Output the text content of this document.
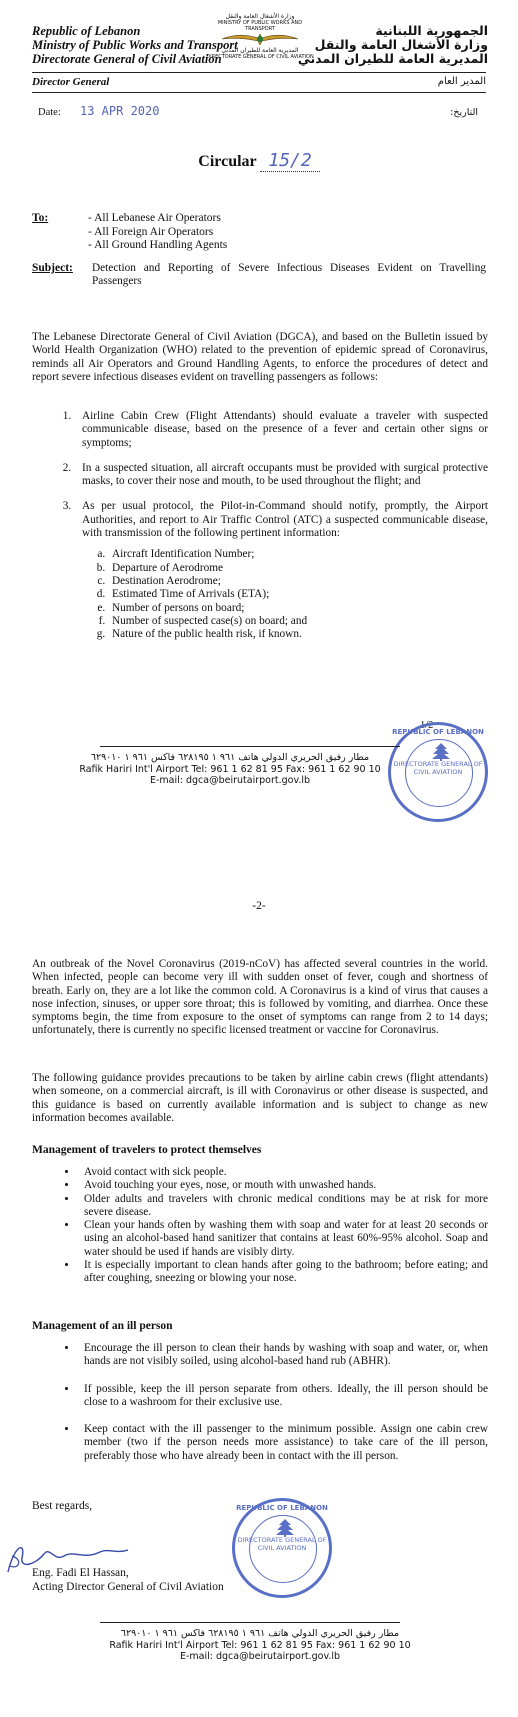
Republic of Lebanon
Ministry of Public Works and Transport
Directorate General of Civil Aviation
وزارة الأشغال العامة والنقل
MINISTRY OF PUBLIC WORKS AND TRANSPORT
المديرية العامة للطيران المدني
DIRECTORATE GENERAL OF CIVIL AVIATION
الجمهورية اللبنانية
وزارة الأشغال العامة والنقل
المديرية العامة للطيران المدني
Director General	المدير العام
Date: 13 APR 2020	التاريخ:
Circular 15/2
To:	- All Lebanese Air Operators
- All Foreign Air Operators
- All Ground Handling Agents
Subject: Detection and Reporting of Severe Infectious Diseases Evident on Travelling Passengers
The Lebanese Directorate General of Civil Aviation (DGCA), and based on the Bulletin issued by World Health Organization (WHO) related to the prevention of epidemic spread of Coronavirus, reminds all Air Operators and Ground Handling Agents, to enforce the procedures of detect and report severe infectious diseases evident on travelling passengers as follows:
1. Airline Cabin Crew (Flight Attendants) should evaluate a traveler with suspected communicable disease, based on the presence of a fever and certain other signs or symptoms;
2. In a suspected situation, all aircraft occupants must be provided with surgical protective masks, to cover their nose and mouth, to be used throughout the flight; and
3. As per usual protocol, the Pilot-in-Command should notify, promptly, the Airport Authorities, and report to Air Traffic Control (ATC) a suspected communicable disease, with transmission of the following pertinent information:
a. Aircraft Identification Number;
b. Departure of Aerodrome
c. Destination Aerodrome;
d. Estimated Time of Arrivals (ETA);
e. Number of persons on board;
f. Number of suspected case(s) on board; and
g. Nature of the public health risk, if known.
1/2
REPUBLIC OF LEBANON
DIRECTORATE GENERAL OF CIVIL AVIATION
مطار رفيق الحريري الدولي هاتف ٩٦١ ١ ٦٢٨١٩٥ فاكس ٩٦١ ١ ٦٢٩٠١٠
Rafik Hariri Int'l Airport Tel: 961 1 62 81 95 Fax: 961 1 62 90 10
E-mail: dgca@beirutairport.gov.lb
-2-
An outbreak of the Novel Coronavirus (2019-nCoV) has affected several countries in the world. When infected, people can become very ill with sudden onset of fever, cough and shortness of breath. Early on, they are a lot like the common cold. A Coronavirus is a kind of virus that causes a nose infection, sinuses, or upper sore throat; this is followed by vomiting, and diarrhea. Once these symptoms begin, the time from exposure to the onset of symptoms can range from 2 to 14 days; unfortunately, there is currently no specific licensed treatment or vaccine for Coronavirus.
The following guidance provides precautions to be taken by airline cabin crews (flight attendants) when someone, on a commercial aircraft, is ill with Coronavirus or other disease is suspected, and this guidance is based on currently available information and is subject to change as new information becomes available.
Management of travelers to protect themselves
• Avoid contact with sick people.
• Avoid touching your eyes, nose, or mouth with unwashed hands.
• Older adults and travelers with chronic medical conditions may be at risk for more severe disease.
• Clean your hands often by washing them with soap and water for at least 20 seconds or using an alcohol-based hand sanitizer that contains at least 60%-95% alcohol. Soap and water should be used if hands are visibly dirty.
• It is especially important to clean hands after going to the bathroom; before eating; and after coughing, sneezing or blowing your nose.
Management of an ill person
• Encourage the ill person to clean their hands by washing with soap and water, or, when hands are not visibly soiled, using alcohol-based hand rub (ABHR).
• If possible, keep the ill person separate from others. Ideally, the ill person should be close to a washroom for their exclusive use.
• Keep contact with the ill passenger to the minimum possible. Assign one cabin crew member (two if the person needs more assistance) to take care of the ill person, preferably those who have already been in contact with the ill person.
Best regards,	REPUBLIC OF LEBANON
DIRECTORATE GENERAL OF CIVIL AVIATION
Eng. Fadi El Hassan,
Acting Director General of Civil Aviation
مطار رفيق الحريري الدولي هاتف ٩٦١ ١ ٦٢٨١٩٥ فاكس ٩٦١ ١ ٦٢٩٠١٠
Rafik Hariri Int'l Airport Tel: 961 1 62 81 95 Fax: 961 1 62 90 10
E-mail: dgca@beirutairport.gov.lb
